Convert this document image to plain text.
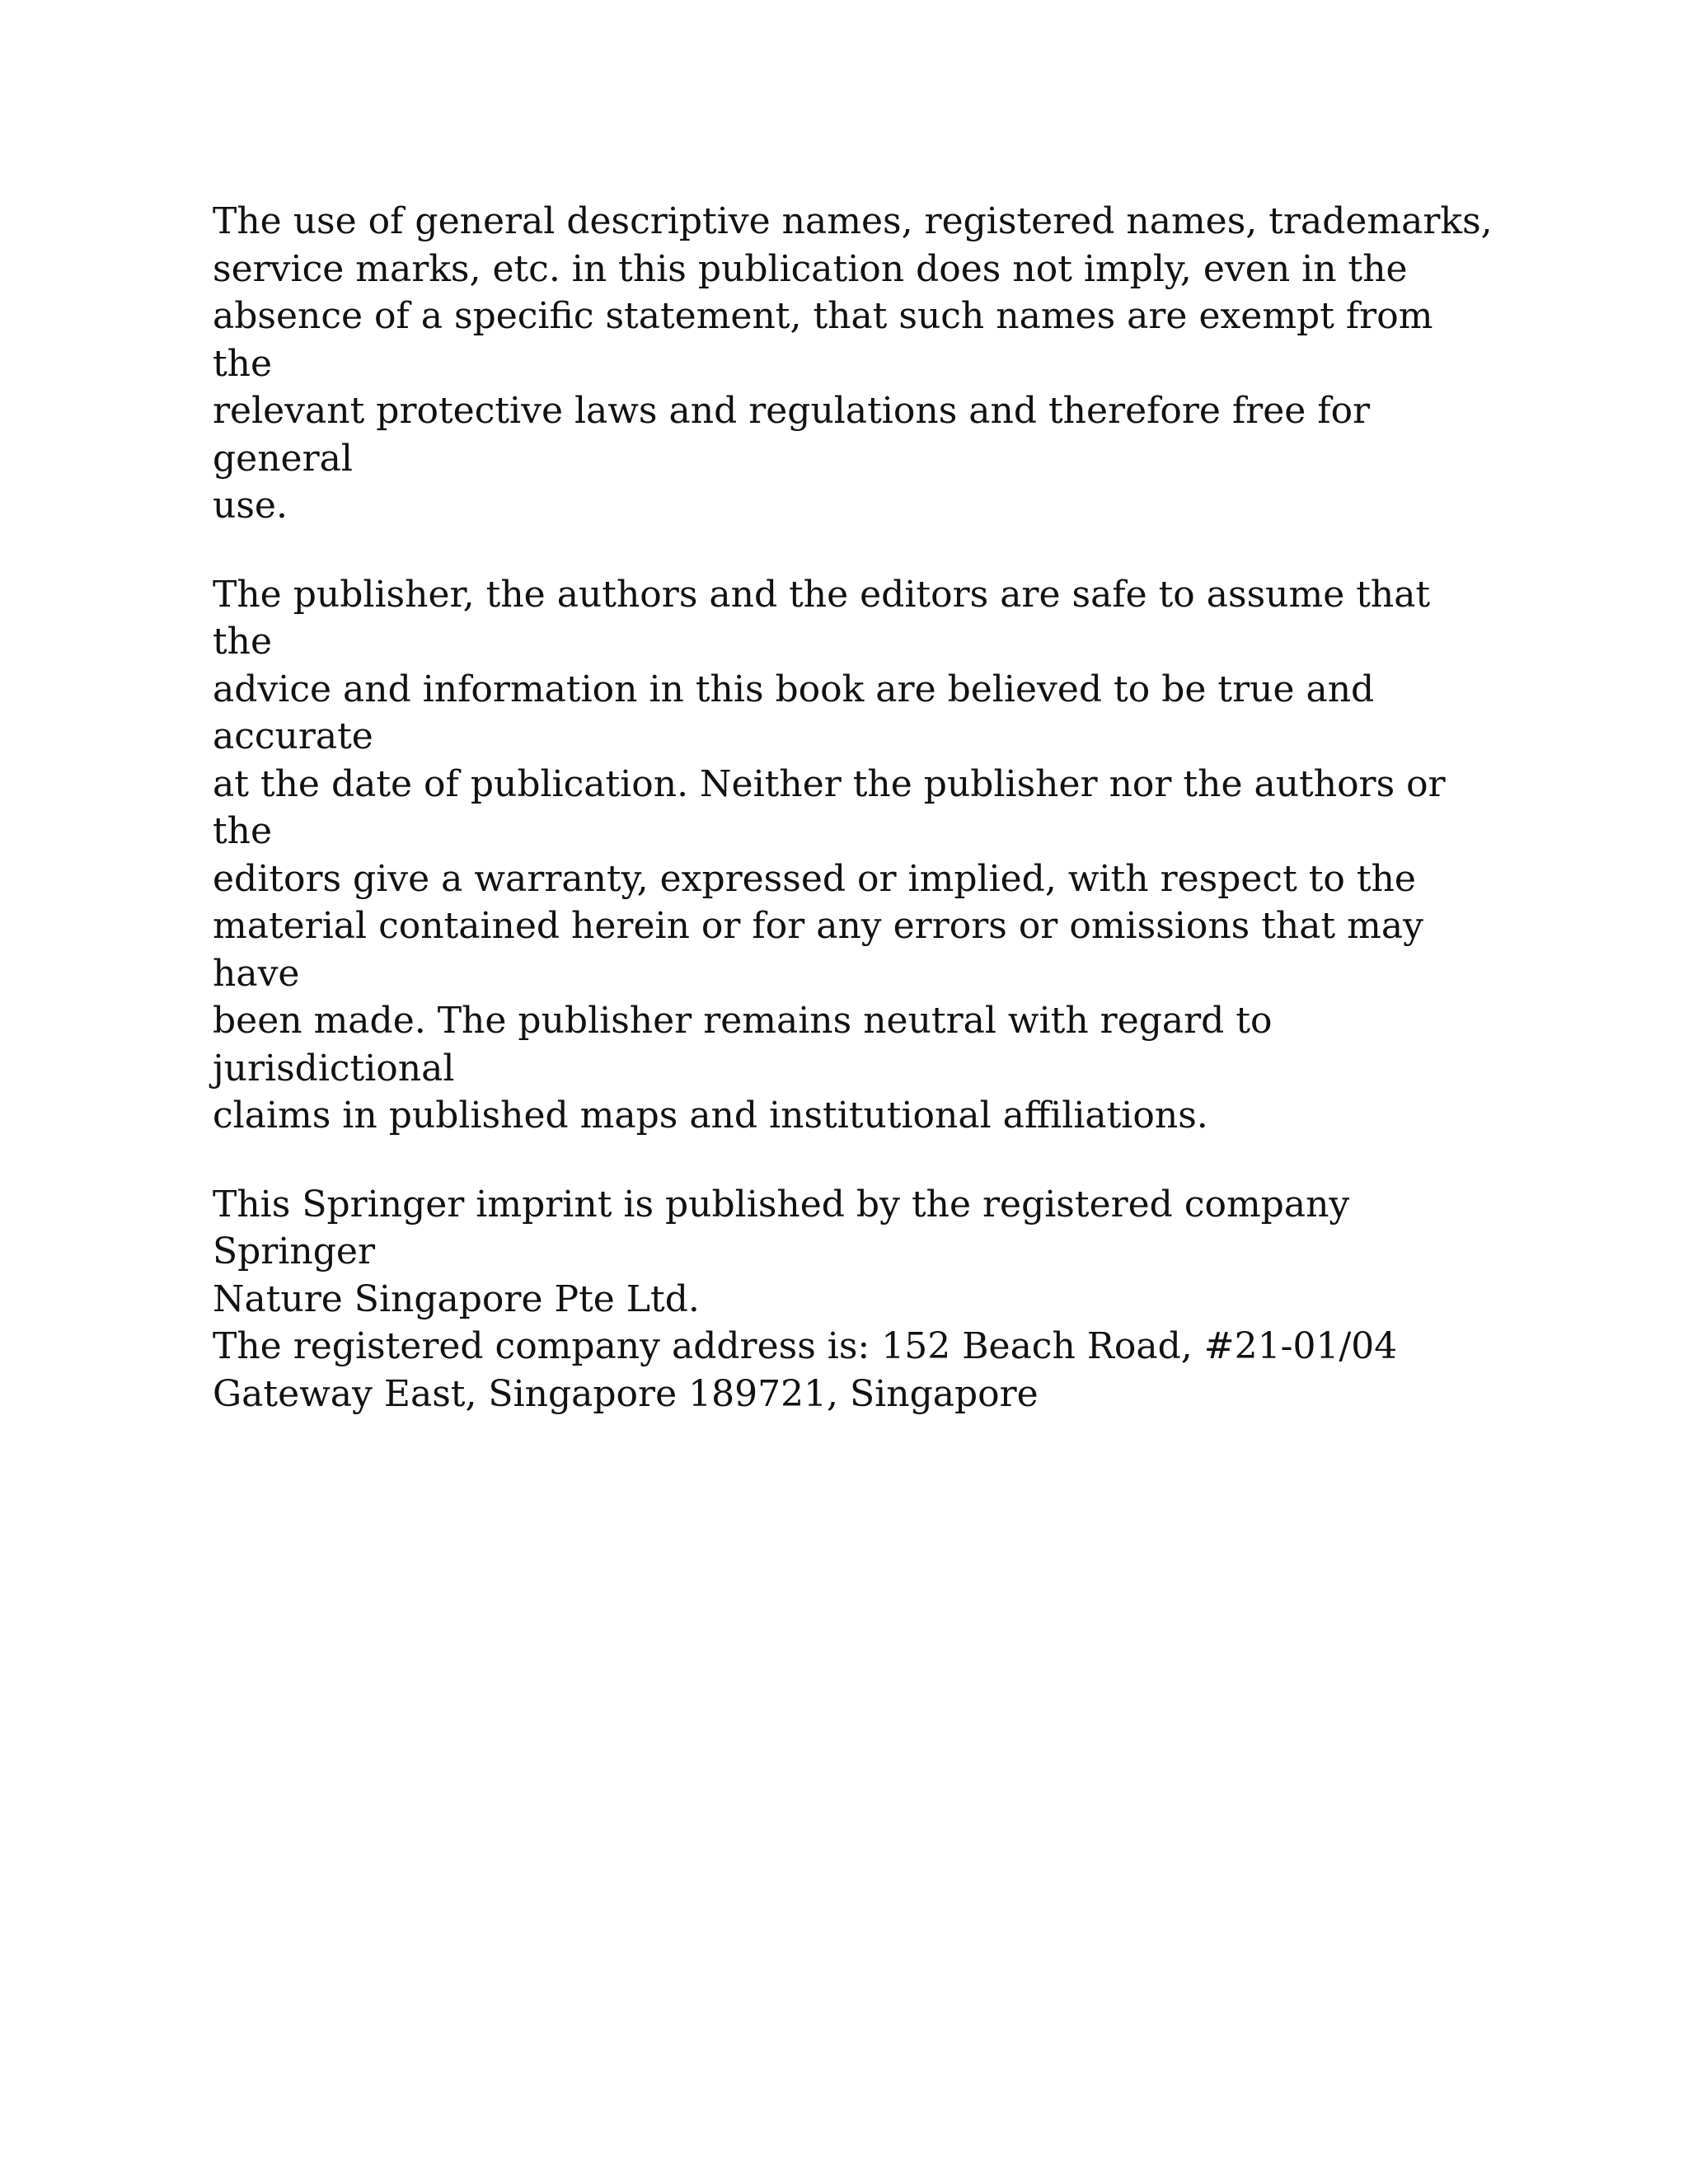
The use of general descriptive names, registered names, trademarks,
service marks, etc. in this publication does not imply, even in the
absence of a specific statement, that such names are exempt from the
relevant protective laws and regulations and therefore free for general
use.

The publisher, the authors and the editors are safe to assume that the
advice and information in this book are believed to be true and accurate
at the date of publication. Neither the publisher nor the authors or the
editors give a warranty, expressed or implied, with respect to the
material contained herein or for any errors or omissions that may have
been made. The publisher remains neutral with regard to jurisdictional
claims in published maps and institutional affiliations.

This Springer imprint is published by the registered company Springer
Nature Singapore Pte Ltd.
The registered company address is: 152 Beach Road, #21-01/04
Gateway East, Singapore 189721, Singapore
